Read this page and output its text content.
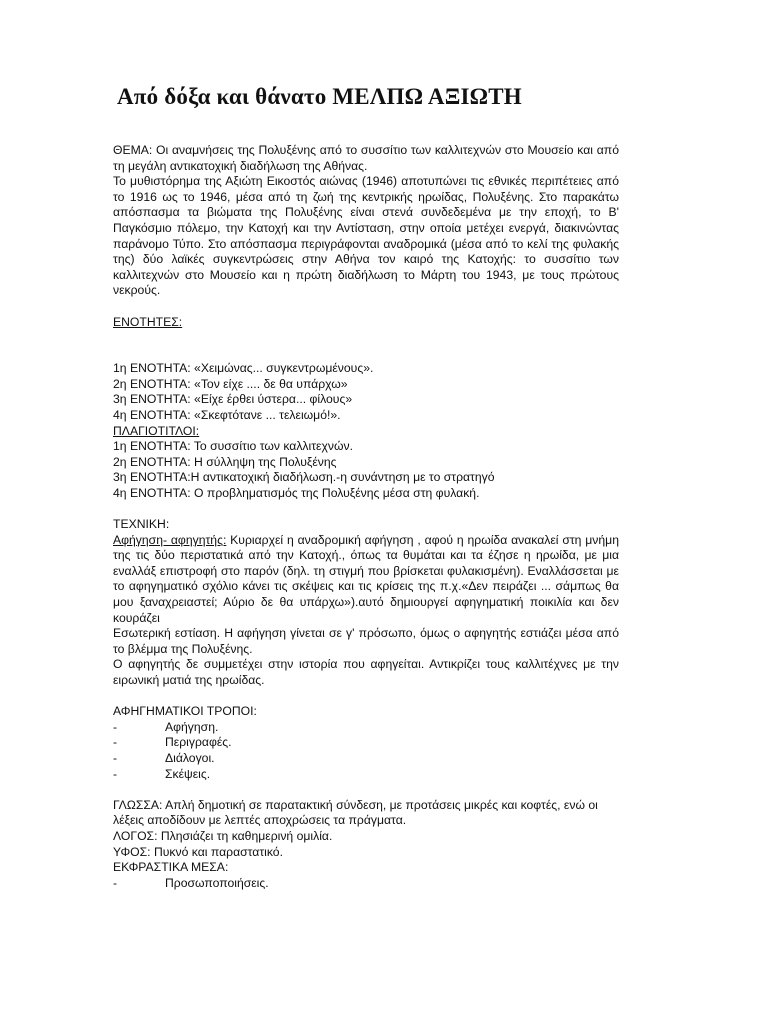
Από δόξα και θάνατο ΜΕΛΠΩ ΑΞΙΩΤΗ

ΘΕΜΑ: Οι αναμνήσεις της Πολυξένης από το συσσίτιο των καλλιτεχνών στο Μουσείο και από τη μεγάλη αντικατοχική διαδήλωση της Αθήνας.

Το μυθιστόρημα της Αξιώτη Εικοστός αιώνας (1946) αποτυπώνει τις εθνικές περιπέτειες από το 1916 ως το 1946, μέσα από τη ζωή της κεντρικής ηρωίδας, Πολυξένης. Στο παρακάτω απόσπασμα τα βιώματα της Πολυξένης είναι στενά συνδεδεμένα με την εποχή, το Β' Παγκόσμιο πόλεμο, την Κατοχή και την Αντίσταση, στην οποία μετέχει ενεργά, διακινώντας παράνομο Τύπο. Στο απόσπασμα περιγράφονται αναδρομικά (μέσα από το κελί της φυλακής της) δύο λαϊκές συγκεντρώσεις στην Αθήνα τον καιρό της Κατοχής: το συσσίτιο των καλλιτεχνών στο Μουσείο και η πρώτη διαδήλωση το Μάρτη του 1943, με τους πρώτους νεκρούς.

ΕΝΟΤΗΤΕΣ:

1η ΕΝΟΤΗΤΑ: «Χειμώνας... συγκεντρωμένους».

2η ΕΝΟΤΗΤΑ: «Τον είχε .... δε θα υπάρχω»

3η ΕΝΟΤΗΤΑ: «Είχε έρθει ύστερα... φίλους»

4η ΕΝΟΤΗΤΑ: «Σκεφτότανε ... τελειωμό!».

ΠΛΑΓΙΟΤΙΤΛΟΙ:

1η ΕΝΟΤΗΤΑ: Το συσσίτιο των καλλιτεχνών.

2η ΕΝΟΤΗΤΑ: Η σύλληψη της Πολυξένης

3η ΕΝΟΤΗΤΑ:Η αντικατοχική διαδήλωση.-η συνάντηση με το στρατηγό

4η ΕΝΟΤΗΤΑ: Ο προβληματισμός της Πολυξένης μέσα στη φυλακή.

ΤΕΧΝΙΚΗ:

Αφήγηση- αφηγητής: Κυριαρχεί η αναδρομική αφήγηση , αφού η ηρωίδα ανακαλεί στη μνήμη της τις δύο περιστατικά από την Κατοχή., όπως τα θυμάται και τα έζησε η ηρωίδα, με μια εναλλάξ επιστροφή στο παρόν (δηλ. τη στιγμή που βρίσκεται φυλακισμένη). Εναλλάσσεται με το αφηγηματικό σχόλιο κάνει τις σκέψεις και τις κρίσεις της π.χ.«Δεν πειράζει ... σάμπως θα μου ξαναχρειαστεί; Αύριο δε θα υπάρχω»).αυτό δημιουργεί αφηγηματική ποικιλία και δεν κουράζει

Εσωτερική εστίαση. Η αφήγηση γίνεται σε γ' πρόσωπο, όμως ο αφηγητής εστιάζει μέσα από το βλέμμα της Πολυξένης.

Ο αφηγητής δε συμμετέχει στην ιστορία που αφηγείται. Αντικρίζει τους καλλιτέχνες με την ειρωνική ματιά της ηρωίδας.

ΑΦΗΓΗΜΑΤΙΚΟΙ ΤΡΟΠΟΙ:

-	Αφήγηση.
-	Περιγραφές.
-	Διάλογοι.
-	Σκέψεις.

ΓΛΩΣΣΑ: Απλή δημοτική σε παρατακτική σύνδεση, με προτάσεις μικρές και κοφτές, ενώ οι λέξεις αποδίδουν με λεπτές αποχρώσεις τα πράγματα.

ΛΟΓΟΣ: Πλησιάζει τη καθημερινή ομιλία.

ΥΦΟΣ: Πυκνό και παραστατικό.

ΕΚΦΡΑΣΤΙΚΑ ΜΕΣΑ:

-	Προσωποποιήσεις.
